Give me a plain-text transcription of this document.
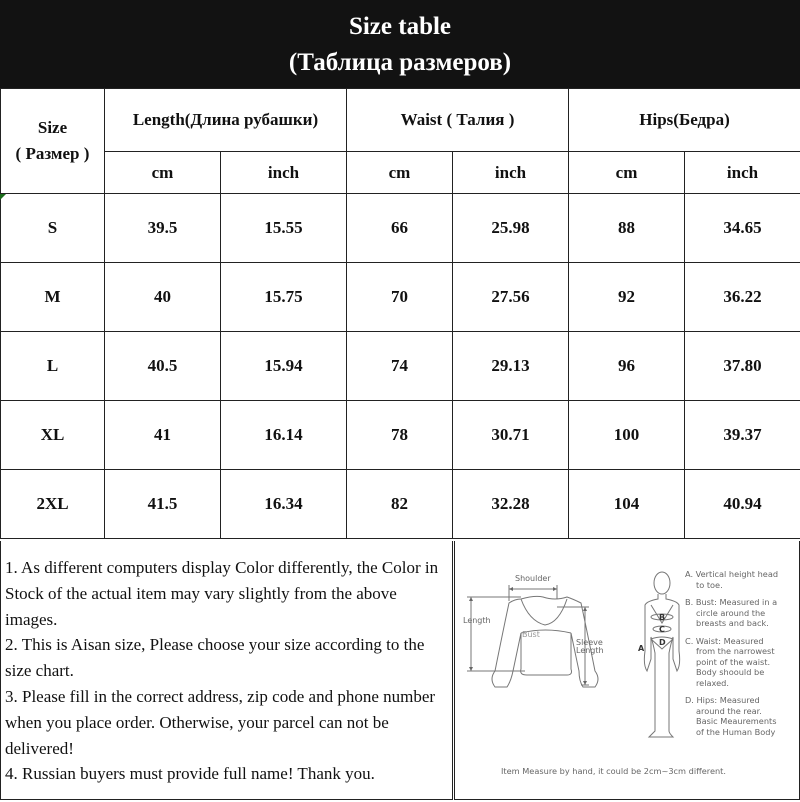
Size table
(Таблица размеров)
Size
( Размер )	Length(Длина рубашки)		Waist ( Талия )		Hips(Бедра)	
	cm	inch	cm	inch	cm	inch
S	39.5	15.55	66	25.98	88	34.65
M	40	15.75	70	27.56	92	36.22
L	40.5	15.94	74	29.13	96	37.80
XL	41	16.14	78	30.71	100	39.37
2XL	41.5	16.34	82	32.28	104	40.94

1. As different computers display Color differently, the Color in Stock of the actual item may vary slightly from the above images.

2. This is Aisan size, Please choose your size according to the size chart.

3. Please fill in the correct address, zip code and phone number when you place order. Otherwise, your parcel can not be delivered!

4. Russian buyers must provide full name! Thank you.

Shoulder
Length
Bust
Sleeve
Length	A
B
C
D
A. Vertical height head
to toe.
B. Bust: Measured in a
circle around the
breasts and back.
C. Waist: Measured
from the narrowest
point of the waist.
Body shoould be
relaxed.
D. Hips: Measured
around the rear.
Basic Meaurements
of the Human Body
Item Measure by hand, it could be 2cm~3cm different.
